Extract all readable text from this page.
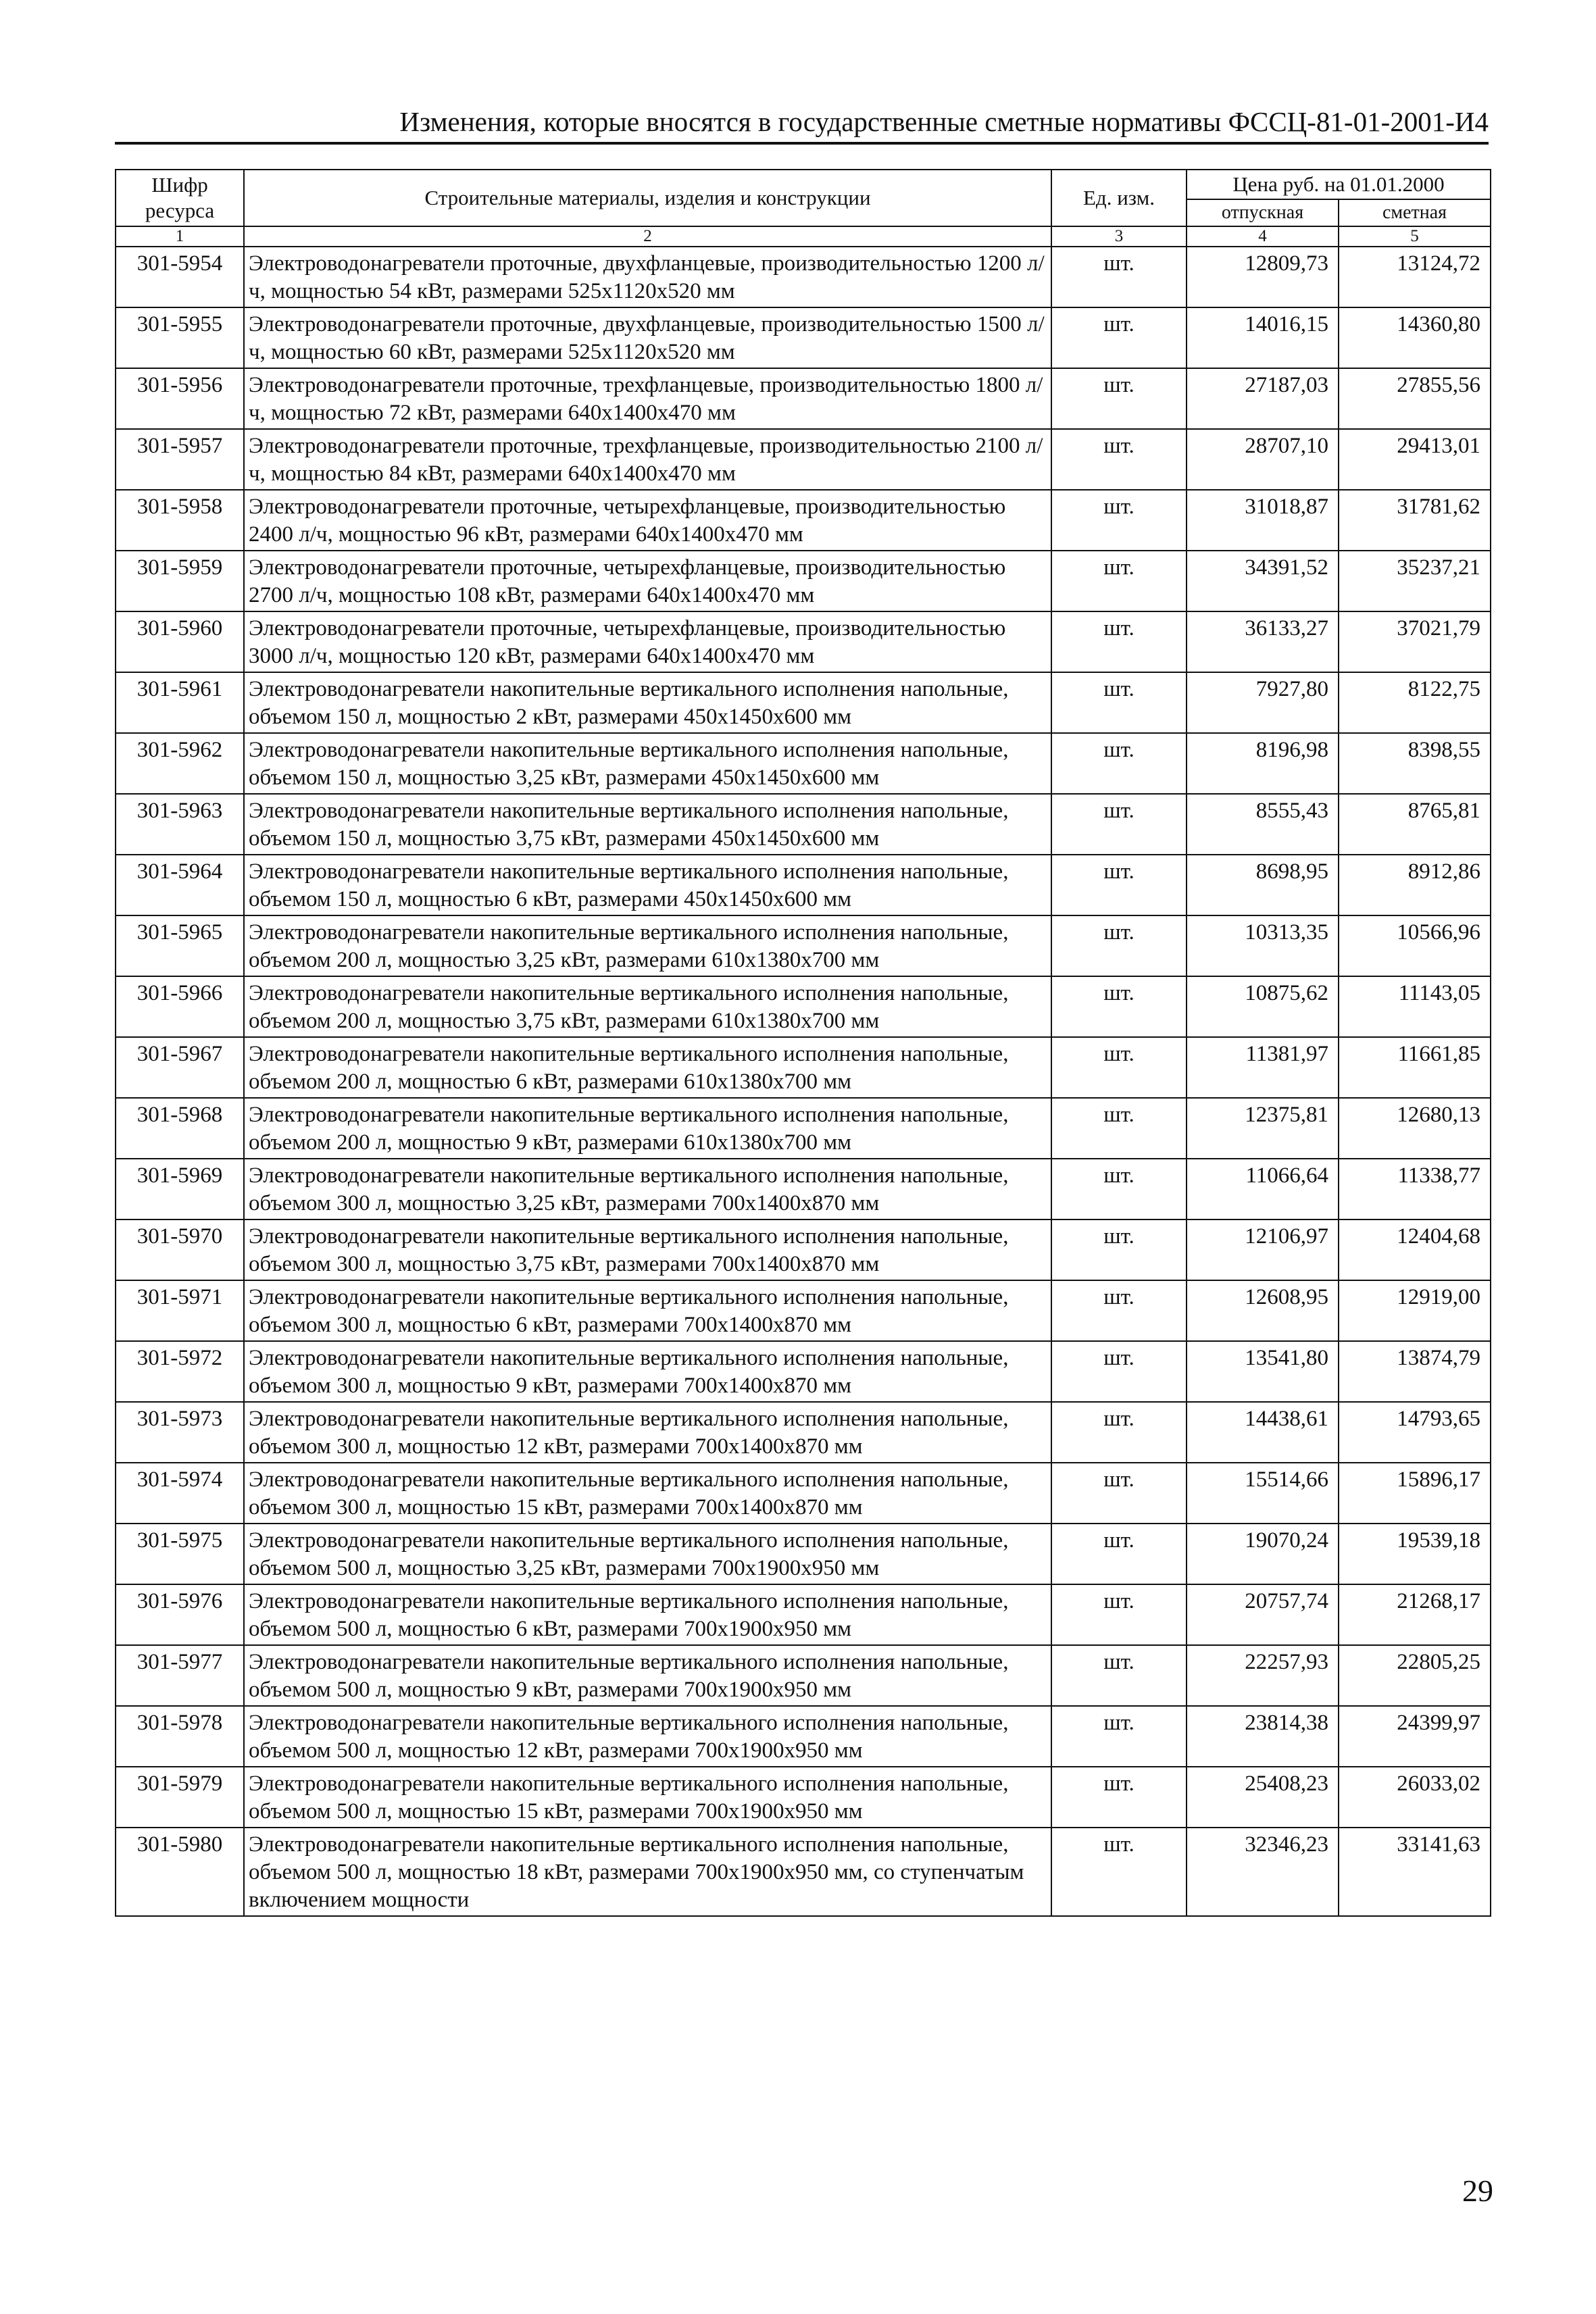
Изменения, которые вносятся в государственные сметные нормативы ФССЦ-81-01-2001-И4
Шифр ресурса	Строительные материалы, изделия и конструкции	Ед. изм.	Цена руб. на 01.01.2000	
			отпускная	сметная
1	2	3	4	5
301-5954	Электроводонагреватели проточные, двухфланцевые, производительностью 1200 л/ч, мощностью 54 кВт, размерами 525x1120x520 мм	шт.	12809,73	13124,72
301-5955	Электроводонагреватели проточные, двухфланцевые, производительностью 1500 л/ч, мощностью 60 кВт, размерами 525x1120x520 мм	шт.	14016,15	14360,80
301-5956	Электроводонагреватели проточные, трехфланцевые, производительностью 1800 л/ч, мощностью 72 кВт, размерами 640x1400x470 мм	шт.	27187,03	27855,56
301-5957	Электроводонагреватели проточные, трехфланцевые, производительностью 2100 л/ч, мощностью 84 кВт, размерами 640x1400x470 мм	шт.	28707,10	29413,01
301-5958	Электроводонагреватели проточные, четырехфланцевые, производительностью 2400 л/ч, мощностью 96 кВт, размерами 640x1400x470 мм	шт.	31018,87	31781,62
301-5959	Электроводонагреватели проточные, четырехфланцевые, производительностью 2700 л/ч, мощностью 108 кВт, размерами 640x1400x470 мм	шт.	34391,52	35237,21
301-5960	Электроводонагреватели проточные, четырехфланцевые, производительностью 3000 л/ч, мощностью 120 кВт, размерами 640x1400x470 мм	шт.	36133,27	37021,79
301-5961	Электроводонагреватели накопительные вертикального исполнения напольные, объемом 150 л, мощностью 2 кВт, размерами 450x1450x600 мм	шт.	7927,80	8122,75
301-5962	Электроводонагреватели накопительные вертикального исполнения напольные, объемом 150 л, мощностью 3,25 кВт, размерами 450x1450x600 мм	шт.	8196,98	8398,55
301-5963	Электроводонагреватели накопительные вертикального исполнения напольные, объемом 150 л, мощностью 3,75 кВт, размерами 450x1450x600 мм	шт.	8555,43	8765,81
301-5964	Электроводонагреватели накопительные вертикального исполнения напольные, объемом 150 л, мощностью 6 кВт, размерами 450x1450x600 мм	шт.	8698,95	8912,86
301-5965	Электроводонагреватели накопительные вертикального исполнения напольные, объемом 200 л, мощностью 3,25 кВт, размерами 610x1380x700 мм	шт.	10313,35	10566,96
301-5966	Электроводонагреватели накопительные вертикального исполнения напольные, объемом 200 л, мощностью 3,75 кВт, размерами 610x1380x700 мм	шт.	10875,62	11143,05
301-5967	Электроводонагреватели накопительные вертикального исполнения напольные, объемом 200 л, мощностью 6 кВт, размерами 610x1380x700 мм	шт.	11381,97	11661,85
301-5968	Электроводонагреватели накопительные вертикального исполнения напольные, объемом 200 л, мощностью 9 кВт, размерами 610x1380x700 мм	шт.	12375,81	12680,13
301-5969	Электроводонагреватели накопительные вертикального исполнения напольные, объемом 300 л, мощностью 3,25 кВт, размерами 700x1400x870 мм	шт.	11066,64	11338,77
301-5970	Электроводонагреватели накопительные вертикального исполнения напольные, объемом 300 л, мощностью 3,75 кВт, размерами 700x1400x870 мм	шт.	12106,97	12404,68
301-5971	Электроводонагреватели накопительные вертикального исполнения напольные, объемом 300 л, мощностью 6 кВт, размерами 700x1400x870 мм	шт.	12608,95	12919,00
301-5972	Электроводонагреватели накопительные вертикального исполнения напольные, объемом 300 л, мощностью 9 кВт, размерами 700x1400x870 мм	шт.	13541,80	13874,79
301-5973	Электроводонагреватели накопительные вертикального исполнения напольные, объемом 300 л, мощностью 12 кВт, размерами 700x1400x870 мм	шт.	14438,61	14793,65
301-5974	Электроводонагреватели накопительные вертикального исполнения напольные, объемом 300 л, мощностью 15 кВт, размерами 700x1400x870 мм	шт.	15514,66	15896,17
301-5975	Электроводонагреватели накопительные вертикального исполнения напольные, объемом 500 л, мощностью 3,25 кВт, размерами 700x1900x950 мм	шт.	19070,24	19539,18
301-5976	Электроводонагреватели накопительные вертикального исполнения напольные, объемом 500 л, мощностью 6 кВт, размерами 700x1900x950 мм	шт.	20757,74	21268,17
301-5977	Электроводонагреватели накопительные вертикального исполнения напольные, объемом 500 л, мощностью 9 кВт, размерами 700x1900x950 мм	шт.	22257,93	22805,25
301-5978	Электроводонагреватели накопительные вертикального исполнения напольные, объемом 500 л, мощностью 12 кВт, размерами 700x1900x950 мм	шт.	23814,38	24399,97
301-5979	Электроводонагреватели накопительные вертикального исполнения напольные, объемом 500 л, мощностью 15 кВт, размерами 700x1900x950 мм	шт.	25408,23	26033,02
301-5980	Электроводонагреватели накопительные вертикального исполнения напольные, объемом 500 л, мощностью 18 кВт, размерами 700x1900x950 мм, со ступенчатым включением мощности	шт.	32346,23	33141,63
29
